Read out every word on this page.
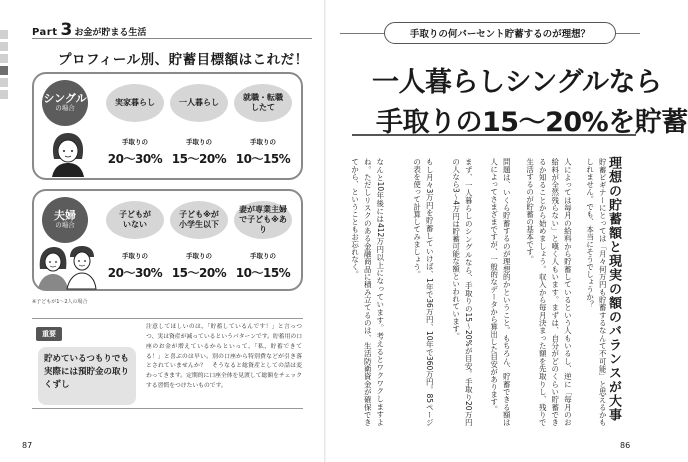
Part 3 お金が貯まる生活
プロフィール別、貯蓄目標額はこれだ！
シングル
の場合
実家暮らし	一人暮らし
就職・転職
したて
手取りの
20～30%
手取りの
15～20%
手取りの
10～15%
夫婦
の場合
子どもが
いない
子ども※が
小学生以下
妻が専業主婦
で子ども※あり
手取りの
20～30%
手取りの
15～20%
手取りの
10～15%
※子どもが1～2人の場合
重要
貯めているつもりでも実際には預貯金の取りくずし
注意してほしいのは、「貯蓄しているんです！」と言っつつ、実は資産が減っているというパターンです。貯蓄用の口座のお金が増えているからといって、「私、貯蓄できてる！」と喜ぶのは早い。別の口座から特別費などが引き落とされていませんか？　そうなると総資産としての話は変わってきます。定期的に口座全体を見渡して総額をチェックする習慣をつけたいものです。
87
手取りの何パーセント貯蓄するのが理想？
一人暮らしシングルなら
手取りの15～20%を貯蓄
理想の貯蓄額と現実の額のバランスが大事
貯蓄ビギナーにとっては「月々何万円も貯蓄するなんて不可能」と思えるかもしれません。でも、本当にそうでしょうか？
人によっては毎月の給料から貯蓄しているという人もいるし、逆に「毎月のお給料が全然残らない」と嘆く人もいます。まずは、自分がどのくらい貯蓄できるか知ることから始めましょう。収入から毎月決まった額を先取りし、残りで生活するのが貯蓄の基本です。
問題は、いくら貯蓄するのが理想的かということ。もちろん、貯蓄できる額は人によってさまざまですが、一般的なデータから算出した目安があります。
まず、一人暮らしのシングルなら、手取りの15～20%が目安。手取り20万円の人なら3～4万円は貯蓄可能な額といわれています。
もし月々3万円を貯蓄していけば、1年で36万円、10年で360万円。85ページの表を使って計算してみましょう。
なんと10年後には412万円以上になっています。考えるとワクワクしますよね。ただしリスクのある金融商品に積み立てるのは、生活防衛資金が確保できてから、ということもお忘れなく。
86
